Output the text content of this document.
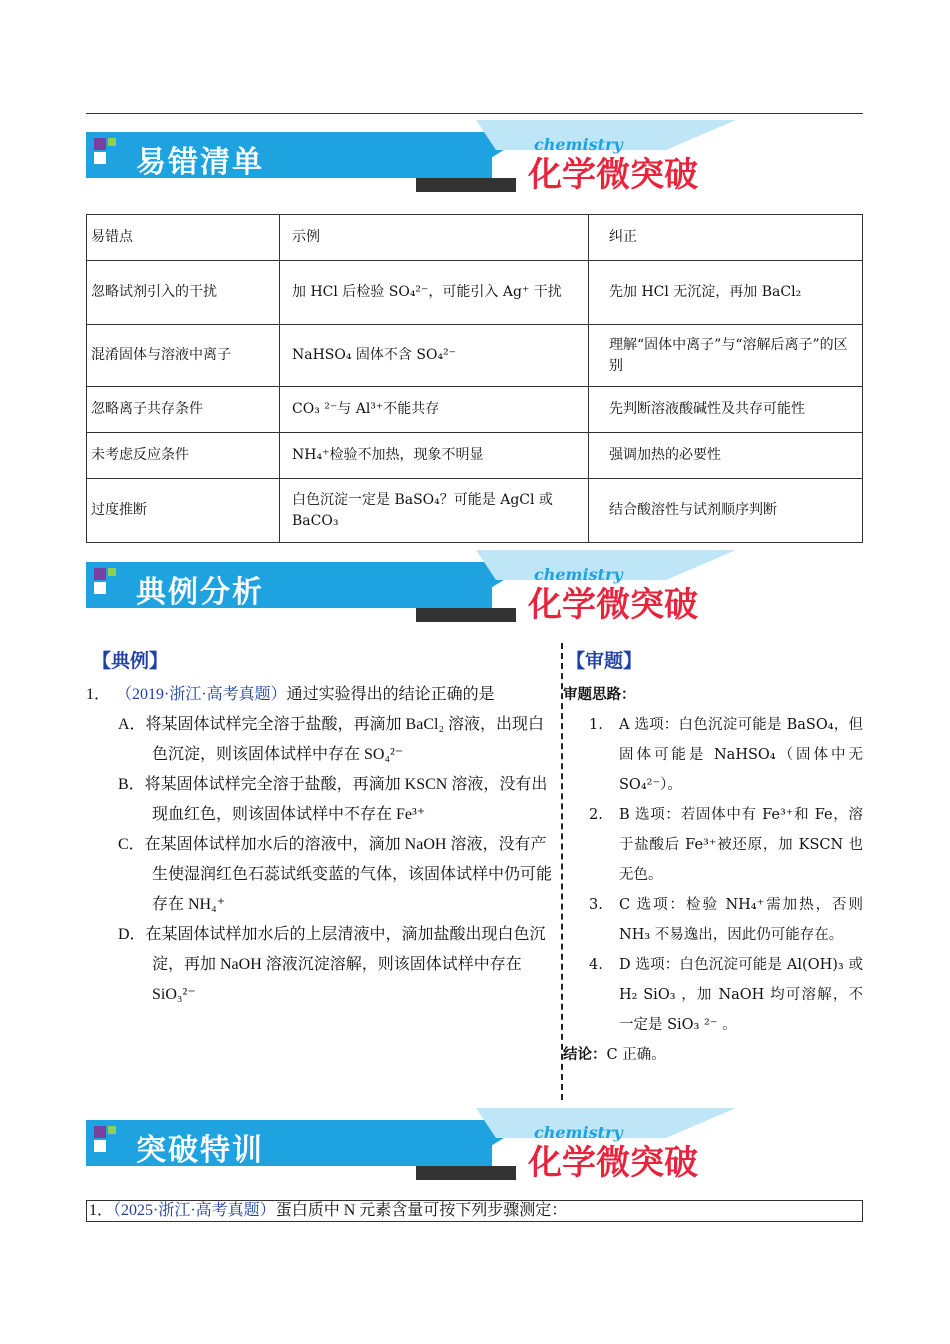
易错清单
chemistry
化学微突破
易错点	示例	纠正
忽略试剂引入的干扰	加 HCl 后检验 SO₄²⁻，可能引入 Ag⁺ 干扰	先加 HCl 无沉淀，再加 BaCl₂
混淆固体与溶液中离子	NaHSO₄ 固体不含 SO₄²⁻	理解“固体中离子”与“溶解后离子”的区别
忽略离子共存条件	CO₃ ²⁻与 Al³⁺不能共存	先判断溶液酸碱性及共存可能性
未考虑反应条件	NH₄⁺检验不加热，现象不明显	强调加热的必要性
过度推断	白色沉淀一定是 BaSO₄？可能是 AgCl 或 BaCO₃	结合酸溶性与试剂顺序判断
典例分析
chemistry
化学微突破
【典例】	【审题】
1． （2019·浙江·高考真题）通过实验得出的结论正确的是
A．将某固体试样完全溶于盐酸，再滴加 BaCl₂ 溶液，出现白色沉淀，则该固体试样中存在 SO₄²⁻
B．将某固体试样完全溶于盐酸，再滴加 KSCN 溶液，没有出现血红色，则该固体试样中不存在 Fe³⁺
C．在某固体试样加水后的溶液中，滴加 NaOH 溶液，没有产生使湿润红色石蕊试纸变蓝的气体，该固体试样中仍可能存在 NH₄⁺
D．在某固体试样加水后的上层清液中，滴加盐酸出现白色沉淀，再加 NaOH 溶液沉淀溶解，则该固体试样中存在 SiO₃²⁻
审题思路：
1. A 选项：白色沉淀可能是 BaSO₄，但固体可能是 NaHSO₄（固体中无 SO₄²⁻）。
2. B 选项：若固体中有 Fe³⁺和 Fe，溶于盐酸后 Fe³⁺被还原，加 KSCN 也无色。
3. C 选项：检验 NH₄⁺需加热，否则 NH₃ 不易逸出，因此仍可能存在。
4. D 选项：白色沉淀可能是 Al(OH)₃ 或 H₂ SiO₃ ，加 NaOH 均可溶解，不一定是 SiO₃ ²⁻ 。
结论：C 正确。
突破特训
chemistry
化学微突破
1．（2025·浙江·高考真题）蛋白质中 N 元素含量可按下列步骤测定：
